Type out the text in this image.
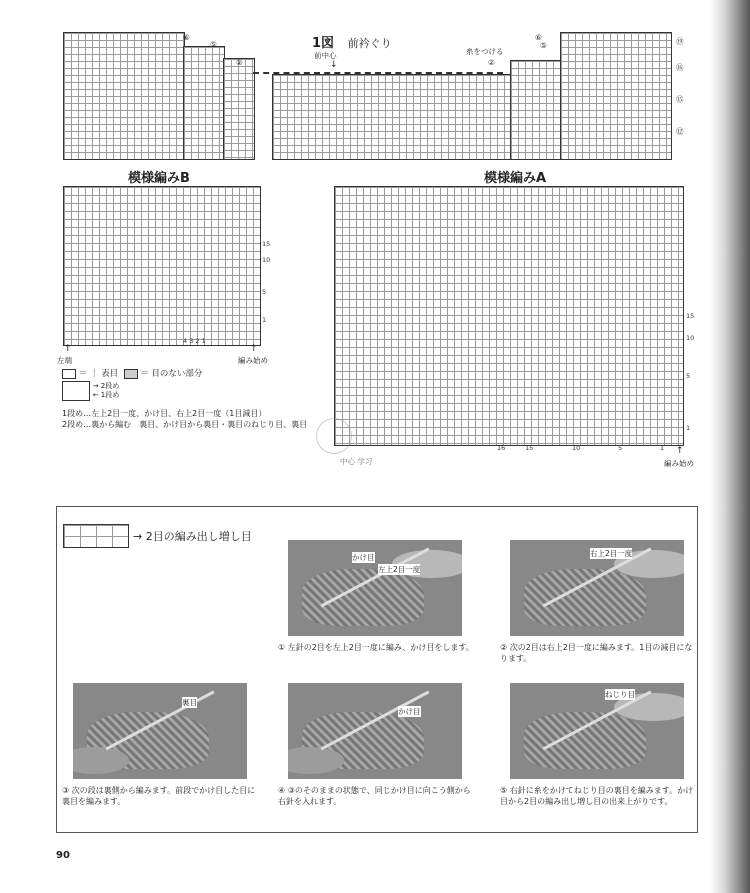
1図 前衿ぐり
前中心
↓
糸をつける
⑥
⑤
②
⑥
⑤
②
⑲
⑯
⑮
⑫
模様編みB
15
10
5
1
4 3 2 1
↑
左端
↑
編み始め
＝ ｜ 表目	＝ 目のない部分
→ 2段め
← 1段め
1段め…左上2目一度、かけ目、右上2目一度（1目減目）
2段め…裏から編む　裏目、かけ目から裏目・裏目のねじり目、裏目
模様編みA
15
10
5
1
16	15	10	5	1
中心 学习
↑
編み始め
→ 2目の編み出し増し目
かけ目
左上2目一度
① 左針の2目を左上2目一度に編み、かけ目をします。
右上2目一度
② 次の2目は右上2目一度に編みます。1目の減目になります。
裏目
③ 次の段は裏側から編みます。前段でかけ目した目に裏目を編みます。
かけ目
④ ③のそのままの状態で、同じかけ目に向こう側から右針を入れます。
ねじり目
⑤ 右針に糸をかけてねじり目の裏目を編みます。かけ目から2目の編み出し増し目の出来上がりです。
90
